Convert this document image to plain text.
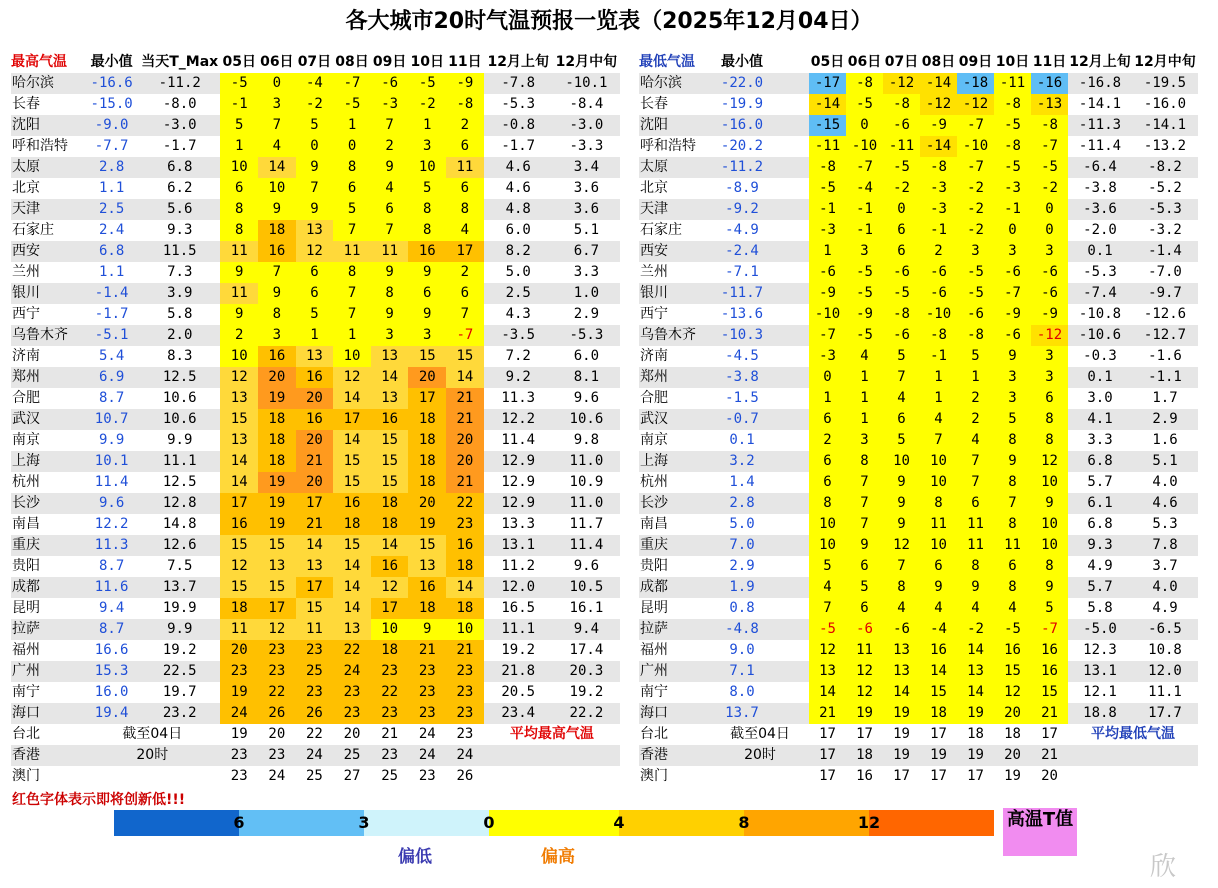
各大城市20时气温预报一览表（2025年12月04日）
最高气温	最小值	当天T_Max	05日	06日	07日	08日	09日	10日	11日	12月上旬	12月中旬
哈尔滨	-16.6	-11.2	-5	0	-4	-7	-6	-5	-9	-7.8	-10.1
长春	-15.0	-8.0	-1	3	-2	-5	-3	-2	-8	-5.3	-8.4
沈阳	-9.0	-3.0	5	7	5	1	7	1	2	-0.8	-3.0
呼和浩特	-7.7	-1.7	1	4	0	0	2	3	6	-1.7	-3.3
太原	2.8	6.8	10	14	9	8	9	10	11	4.6	3.4
北京	1.1	6.2	6	10	7	6	4	5	6	4.6	3.6
天津	2.5	5.6	8	9	9	5	6	8	8	4.8	3.6
石家庄	2.4	9.3	8	18	13	7	7	8	4	6.0	5.1
西安	6.8	11.5	11	16	12	11	11	16	17	8.2	6.7
兰州	1.1	7.3	9	7	6	8	9	9	2	5.0	3.3
银川	-1.4	3.9	11	9	6	7	8	6	6	2.5	1.0
西宁	-1.7	5.8	9	8	5	7	9	9	7	4.3	2.9
乌鲁木齐	-5.1	2.0	2	3	1	1	3	3	-7	-3.5	-5.3
济南	5.4	8.3	10	16	13	10	13	15	15	7.2	6.0
郑州	6.9	12.5	12	20	16	12	14	20	14	9.2	8.1
合肥	8.7	10.6	13	19	20	14	13	17	21	11.3	9.6
武汉	10.7	10.6	15	18	16	17	16	18	21	12.2	10.6
南京	9.9	9.9	13	18	20	14	15	18	20	11.4	9.8
上海	10.1	11.1	14	18	21	15	15	18	20	12.9	11.0
杭州	11.4	12.5	14	19	20	15	15	18	21	12.9	10.9
长沙	9.6	12.8	17	19	17	16	18	20	22	12.9	11.0
南昌	12.2	14.8	16	19	21	18	18	19	23	13.3	11.7
重庆	11.3	12.6	15	15	14	15	14	15	16	13.1	11.4
贵阳	8.7	7.5	12	13	13	14	16	13	18	11.2	9.6
成都	11.6	13.7	15	15	17	14	12	16	14	12.0	10.5
昆明	9.4	19.9	18	17	15	14	17	18	18	16.5	16.1
拉萨	8.7	9.9	11	12	11	13	10	9	10	11.1	9.4
福州	16.6	19.2	20	23	23	22	18	21	21	19.2	17.4
广州	15.3	22.5	23	23	25	24	23	23	23	21.8	20.3
南宁	16.0	19.7	19	22	23	23	22	23	23	20.5	19.2
海口	19.4	23.2	24	26	26	23	23	23	23	23.4	22.2
台北	截至04日		19	20	22	20	21	24	23	平均最高气温	
香港	20时		23	23	24	25	23	24	24		
澳门			23	24	25	27	25	23	26		
最低气温	最小值		05日	06日	07日	08日	09日	10日	11日	12月上旬	12月中旬
哈尔滨	-22.0		-17	-8	-12	-14	-18	-11	-16	-16.8	-19.5
长春	-19.9		-14	-5	-8	-12	-12	-8	-13	-14.1	-16.0
沈阳	-16.0		-15	0	-6	-9	-7	-5	-8	-11.3	-14.1
呼和浩特	-20.2		-11	-10	-11	-14	-10	-8	-7	-11.4	-13.2
太原	-11.2		-8	-7	-5	-8	-7	-5	-5	-6.4	-8.2
北京	-8.9		-5	-4	-2	-3	-2	-3	-2	-3.8	-5.2
天津	-9.2		-1	-1	0	-3	-2	-1	0	-3.6	-5.3
石家庄	-4.9		-3	-1	6	-1	-2	0	0	-2.0	-3.2
西安	-2.4		1	3	6	2	3	3	3	0.1	-1.4
兰州	-7.1		-6	-5	-6	-6	-5	-6	-6	-5.3	-7.0
银川	-11.7		-9	-5	-5	-6	-5	-7	-6	-7.4	-9.7
西宁	-13.6		-10	-9	-8	-10	-6	-9	-9	-10.8	-12.6
乌鲁木齐	-10.3		-7	-5	-6	-8	-8	-6	-12	-10.6	-12.7
济南	-4.5		-3	4	5	-1	5	9	3	-0.3	-1.6
郑州	-3.8		0	1	7	1	1	3	3	0.1	-1.1
合肥	-1.5		1	1	4	1	2	3	6	3.0	1.7
武汉	-0.7		6	1	6	4	2	5	8	4.1	2.9
南京	0.1		2	3	5	7	4	8	8	3.3	1.6
上海	3.2		6	8	10	10	7	9	12	6.8	5.1
杭州	1.4		6	7	9	10	7	8	10	5.7	4.0
长沙	2.8		8	7	9	8	6	7	9	6.1	4.6
南昌	5.0		10	7	9	11	11	8	10	6.8	5.3
重庆	7.0		10	9	12	10	11	11	10	9.3	7.8
贵阳	2.9		5	6	7	6	8	6	8	4.9	3.7
成都	1.9		4	5	8	9	9	8	9	5.7	4.0
昆明	0.8		7	6	4	4	4	4	5	5.8	4.9
拉萨	-4.8		-5	-6	-6	-4	-2	-5	-7	-5.0	-6.5
福州	9.0		12	11	13	16	14	16	16	12.3	10.8
广州	7.1		13	12	13	14	13	15	16	13.1	12.0
南宁	8.0		14	12	14	15	14	12	15	12.1	11.1
海口	13.7		21	19	19	18	19	20	21	18.8	17.7
台北	截至04日		17	17	19	17	18	18	17	平均最低气温	
香港	20时		17	18	19	19	19	20	21		
澳门			17	16	17	17	17	19	20		
红色字体表示即将创新低!!!
6	3	0	4	8	12	高温T值
偏低	偏高	欣
